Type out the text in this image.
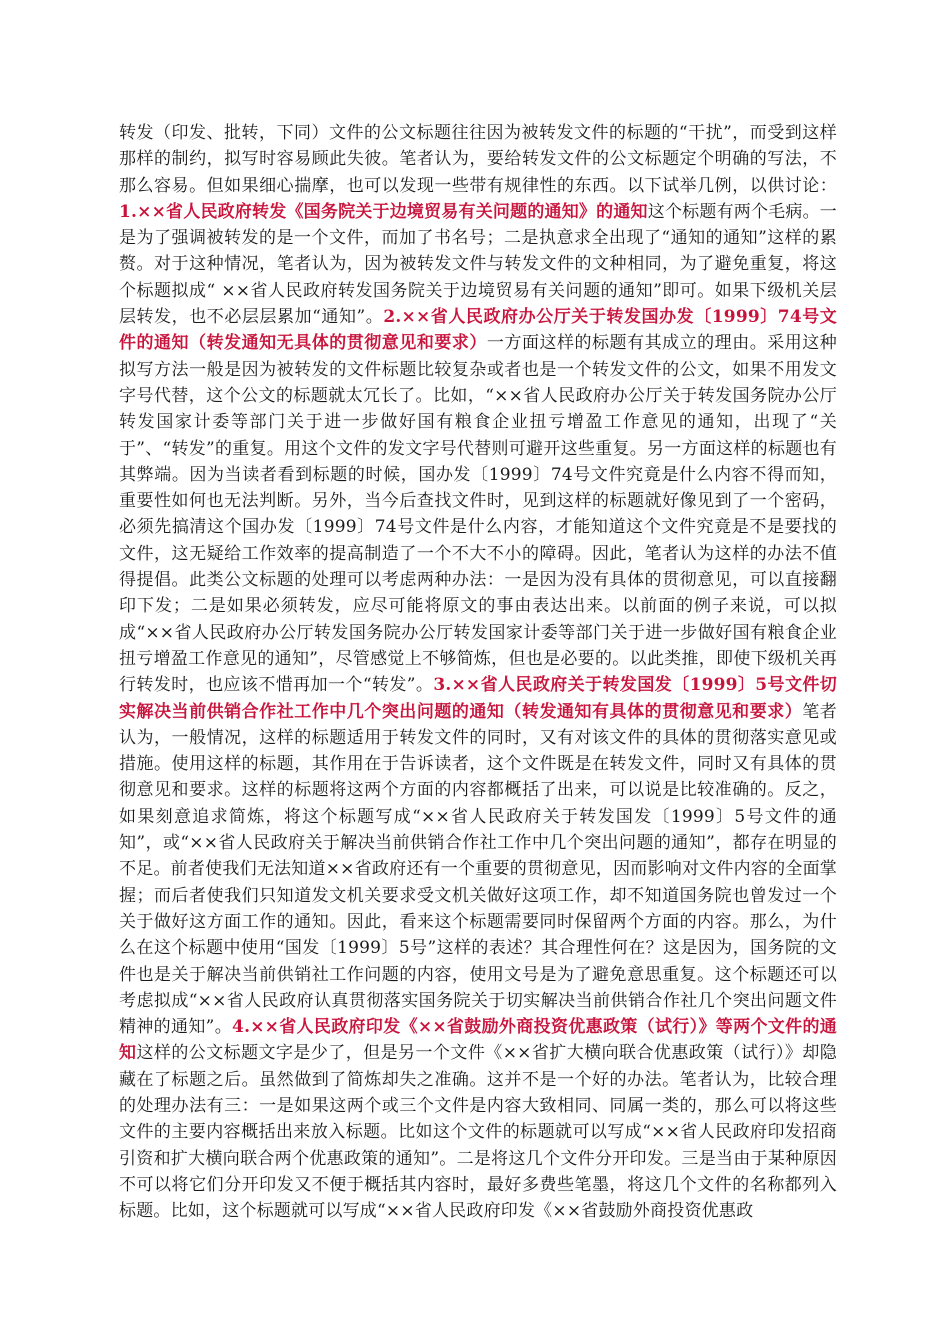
转发（印发、批转，下同）文件的公文标题往往因为被转发文件的标题的“干扰”，而受到这样那样的制约，拟写时容易顾此失彼。笔者认为，要给转发文件的公文标题定个明确的写法，不那么容易。但如果细心揣摩，也可以发现一些带有规律性的东西。以下试举几例，以供讨论：1.××省人民政府转发《国务院关于边境贸易有关问题的通知》的通知这个标题有两个毛病。一是为了强调被转发的是一个文件，而加了书名号；二是执意求全出现了“通知的通知”这样的累赘。对于这种情况，笔者认为，因为被转发文件与转发文件的文种相同，为了避免重复，将这个标题拟成“ ××省人民政府转发国务院关于边境贸易有关问题的通知”即可。如果下级机关层层转发，也不必层层累加“通知”。2.××省人民政府办公厅关于转发国办发〔1999〕74号文件的通知（转发通知无具体的贯彻意见和要求）一方面这样的标题有其成立的理由。采用这种拟写方法一般是因为被转发的文件标题比较复杂或者也是一个转发文件的公文，如果不用发文字号代替，这个公文的标题就太冗长了。比如，“××省人民政府办公厅关于转发国务院办公厅转发国家计委等部门关于进一步做好国有粮食企业扭亏增盈工作意见的通知，出现了“关于”、“转发”的重复。用这个文件的发文字号代替则可避开这些重复。另一方面这样的标题也有其弊端。因为当读者看到标题的时候，国办发〔1999〕74号文件究竟是什么内容不得而知，重要性如何也无法判断。另外，当今后查找文件时，见到这样的标题就好像见到了一个密码，必须先搞清这个国办发〔1999〕74号文件是什么内容，才能知道这个文件究竟是不是要找的文件，这无疑给工作效率的提高制造了一个不大不小的障碍。因此，笔者认为这样的办法不值得提倡。此类公文标题的处理可以考虑两种办法：一是因为没有具体的贯彻意见，可以直接翻印下发；二是如果必须转发，应尽可能将原文的事由表达出来。以前面的例子来说，可以拟成“××省人民政府办公厅转发国务院办公厅转发国家计委等部门关于进一步做好国有粮食企业扭亏增盈工作意见的通知”，尽管感觉上不够简炼，但也是必要的。以此类推，即使下级机关再行转发时，也应该不惜再加一个“转发”。3.××省人民政府关于转发国发〔1999〕5号文件切实解决当前供销合作社工作中几个突出问题的通知（转发通知有具体的贯彻意见和要求）笔者认为，一般情况，这样的标题适用于转发文件的同时，又有对该文件的具体的贯彻落实意见或措施。使用这样的标题，其作用在于告诉读者，这个文件既是在转发文件，同时又有具体的贯彻意见和要求。这样的标题将这两个方面的内容都概括了出来，可以说是比较准确的。反之，如果刻意追求简炼，将这个标题写成“××省人民政府关于转发国发〔1999〕5号文件的通知”，或“××省人民政府关于解决当前供销合作社工作中几个突出问题的通知”，都存在明显的不足。前者使我们无法知道××省政府还有一个重要的贯彻意见，因而影响对文件内容的全面掌握；而后者使我们只知道发文机关要求受文机关做好这项工作，却不知道国务院也曾发过一个关于做好这方面工作的通知。因此，看来这个标题需要同时保留两个方面的内容。那么，为什么在这个标题中使用“国发〔1999〕5号”这样的表述？其合理性何在？这是因为，国务院的文件也是关于解决当前供销社工作问题的内容，使用文号是为了避免意思重复。这个标题还可以考虑拟成“××省人民政府认真贯彻落实国务院关于切实解决当前供销合作社几个突出问题文件精神的通知”。4.××省人民政府印发《××省鼓励外商投资优惠政策（试行）》等两个文件的通知这样的公文标题文字是少了，但是另一个文件《××省扩大横向联合优惠政策（试行）》却隐藏在了标题之后。虽然做到了简炼却失之准确。这并不是一个好的办法。笔者认为，比较合理的处理办法有三：一是如果这两个或三个文件是内容大致相同、同属一类的，那么可以将这些文件的主要内容概括出来放入标题。比如这个文件的标题就可以写成“××省人民政府印发招商引资和扩大横向联合两个优惠政策的通知”。二是将这几个文件分开印发。三是当由于某种原因不可以将它们分开印发又不便于概括其内容时，最好多费些笔墨，将这几个文件的名称都列入标题。比如，这个标题就可以写成“××省人民政府印发《××省鼓励外商投资优惠政
